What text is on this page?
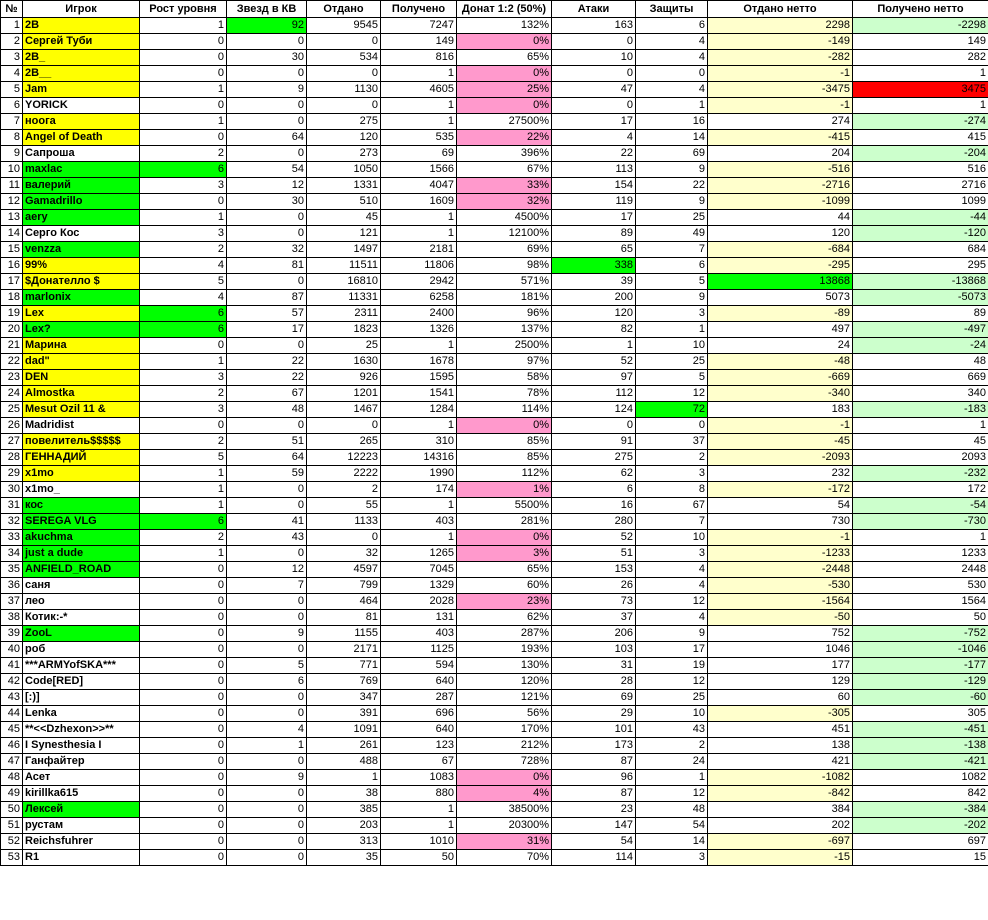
№	Игрок	Рост уровня	Звезд в КВ	Отдано	Получено	Донат 1:2 (50%)	Атаки	Защиты	Отдано нетто	Получено нетто
1	2B	1	92	9545	7247	132%	163	6	2298	-2298
2	Сергей Туби	0	0	0	149	0%	0	4	-149	149
3	2B_	0	30	534	816	65%	10	4	-282	282
4	2B__	0	0	0	1	0%	0	0	-1	1
5	Jam	1	9	1130	4605	25%	47	4	-3475	3475
6	YORICK	0	0	0	1	0%	0	1	-1	1
7	ноога	1	0	275	1	27500%	17	16	274	-274
8	Angel of Death	0	64	120	535	22%	4	14	-415	415
9	Сапроша	2	0	273	69	396%	22	69	204	-204
10	maxlac	6	54	1050	1566	67%	113	9	-516	516
11	валерий	3	12	1331	4047	33%	154	22	-2716	2716
12	Gamadrillo	0	30	510	1609	32%	119	9	-1099	1099
13	aery	1	0	45	1	4500%	17	25	44	-44
14	Серго Кос	3	0	121	1	12100%	89	49	120	-120
15	venzza	2	32	1497	2181	69%	65	7	-684	684
16	99%	4	81	11511	11806	98%	338	6	-295	295
17	$Донателло $	5	0	16810	2942	571%	39	5	13868	-13868
18	marlonix	4	87	11331	6258	181%	200	9	5073	-5073
19	Lex	6	57	2311	2400	96%	120	3	-89	89
20	Lex?	6	17	1823	1326	137%	82	1	497	-497
21	Марина	0	0	25	1	2500%	1	10	24	-24
22	dad"	1	22	1630	1678	97%	52	25	-48	48
23	DEN	3	22	926	1595	58%	97	5	-669	669
24	Almostka	2	67	1201	1541	78%	112	12	-340	340
25	Mesut Ozil 11 &	3	48	1467	1284	114%	124	72	183	-183
26	Madridist	0	0	0	1	0%	0	0	-1	1
27	повелитель$$$$$	2	51	265	310	85%	91	37	-45	45
28	ГЕННАДИЙ	5	64	12223	14316	85%	275	2	-2093	2093
29	x1mo	1	59	2222	1990	112%	62	3	232	-232
30	x1mo_	1	0	2	174	1%	6	8	-172	172
31	кос	1	0	55	1	5500%	16	67	54	-54
32	SEREGA VLG	6	41	1133	403	281%	280	7	730	-730
33	akuchma	2	43	0	1	0%	52	10	-1	1
34	just a dude	1	0	32	1265	3%	51	3	-1233	1233
35	ANFIELD_ROAD	0	12	4597	7045	65%	153	4	-2448	2448
36	саня	0	7	799	1329	60%	26	4	-530	530
37	лео	0	0	464	2028	23%	73	12	-1564	1564
38	Котик:-*	0	0	81	131	62%	37	4	-50	50
39	ZooL	0	9	1155	403	287%	206	9	752	-752
40	роб	0	0	2171	1125	193%	103	17	1046	-1046
41	***ARMYofSKA***	0	5	771	594	130%	31	19	177	-177
42	Code[RED]	0	6	769	640	120%	28	12	129	-129
43	[:)]	0	0	347	287	121%	69	25	60	-60
44	Lenka	0	0	391	696	56%	29	10	-305	305
45	**<<Dzhexon>>**	0	4	1091	640	170%	101	43	451	-451
46	I Synesthesia I	0	1	261	123	212%	173	2	138	-138
47	Ганфайтер	0	0	488	67	728%	87	24	421	-421
48	Асет	0	9	1	1083	0%	96	1	-1082	1082
49	kirillka615	0	0	38	880	4%	87	12	-842	842
50	Лексей	0	0	385	1	38500%	23	48	384	-384
51	рустам	0	0	203	1	20300%	147	54	202	-202
52	Reichsfuhrer	0	0	313	1010	31%	54	14	-697	697
53	R1	0	0	35	50	70%	114	3	-15	15
